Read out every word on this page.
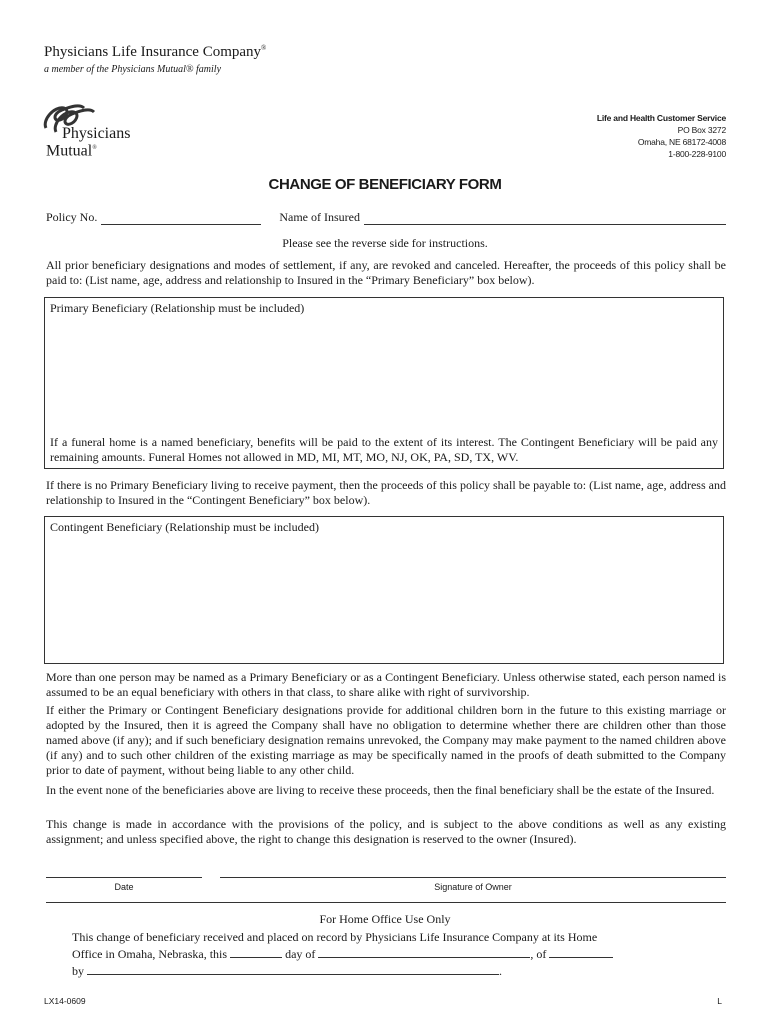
Physicians Life Insurance Company®
a member of the Physicians Mutual® family
Physicians
Mutual®
Life and Health Customer Service
PO Box 3272
Omaha, NE 68172-4008
1-800-228-9100
CHANGE OF BENEFICIARY FORM
Policy No.	Name of Insured
Please see the reverse side for instructions.
All prior beneficiary designations and modes of settlement, if any, are revoked and canceled. Hereafter, the proceeds of this policy shall be paid to: (List name, age, address and relationship to Insured in the “Primary Beneficiary” box below).
Primary Beneficiary (Relationship must be included)
If a funeral home is a named beneficiary, benefits will be paid to the extent of its interest. The Contingent Beneficiary will be paid any remaining amounts. Funeral Homes not allowed in MD, MI, MT, MO, NJ, OK, PA, SD, TX, WV.
If there is no Primary Beneficiary living to receive payment, then the proceeds of this policy shall be payable to: (List name, age, address and relationship to Insured in the “Contingent Beneficiary” box below).
Contingent Beneficiary (Relationship must be included)
More than one person may be named as a Primary Beneficiary or as a Contingent Beneficiary. Unless otherwise stated, each person named is assumed to be an equal beneficiary with others in that class, to share alike with right of survivorship.
If either the Primary or Contingent Beneficiary designations provide for additional children born in the future to this existing marriage or adopted by the Insured, then it is agreed the Company shall have no obligation to determine whether there are children other than those named above (if any); and if such beneficiary designation remains unrevoked, the Company may make payment to the named children above (if any) and to such other children of the existing marriage as may be specifically named in the proofs of death submitted to the Company prior to date of payment, without being liable to any other child.
In the event none of the beneficiaries above are living to receive these proceeds, then the final beneficiary shall be the estate of the Insured.
This change is made in accordance with the provisions of the policy, and is subject to the above conditions as well as any existing assignment; and unless specified above, the right to change this designation is reserved to the owner (Insured).
Date	Signature of Owner
For Home Office Use Only
This change of beneficiary received and placed on record by Physicians Life Insurance Company at its Home
Office in Omaha, Nebraska, this	day of	, of
by	.
LX14-0609	L
